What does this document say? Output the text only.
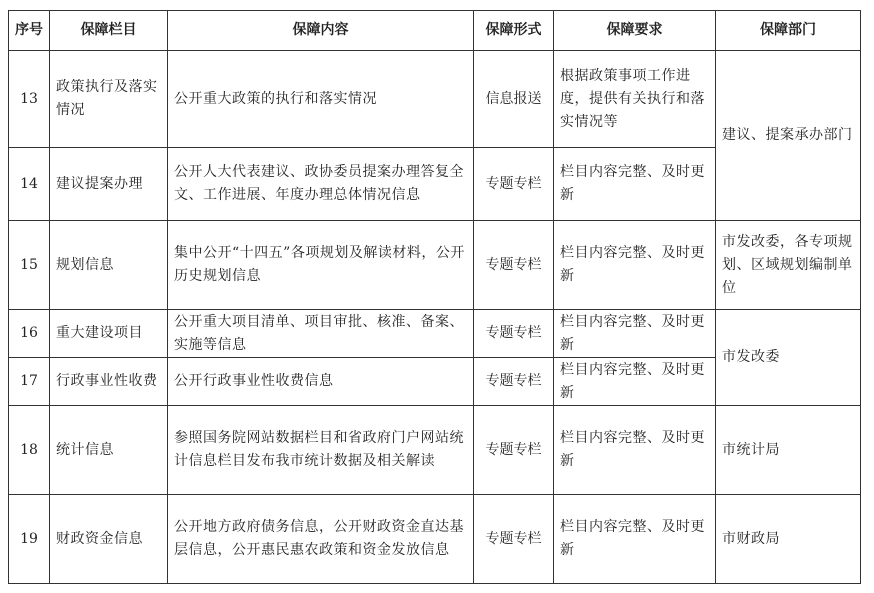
序号	保障栏目	保障内容	保障形式	保障要求	保障部门
13	政策执行及落实情况	公开重大政策的执行和落实情况	信息报送	根据政策事项工作进度，提供有关执行和落实情况等	建议、提案承办部门
14	建议提案办理	公开人大代表建议、政协委员提案办理答复全文、工作进展、年度办理总体情况信息	专题专栏	栏目内容完整、及时更新	
15	规划信息	集中公开“十四五”各项规划及解读材料，公开历史规划信息	专题专栏	栏目内容完整、及时更新	市发改委，各专项规划、区域规划编制单位
16	重大建设项目	公开重大项目清单、项目审批、核准、备案、实施等信息	专题专栏	栏目内容完整、及时更新	市发改委
17	行政事业性收费	公开行政事业性收费信息	专题专栏	栏目内容完整、及时更新	
18	统计信息	参照国务院网站数据栏目和省政府门户网站统计信息栏目发布我市统计数据及相关解读	专题专栏	栏目内容完整、及时更新	市统计局
19	财政资金信息	公开地方政府债务信息，公开财政资金直达基层信息，公开惠民惠农政策和资金发放信息	专题专栏	栏目内容完整、及时更新	市财政局
